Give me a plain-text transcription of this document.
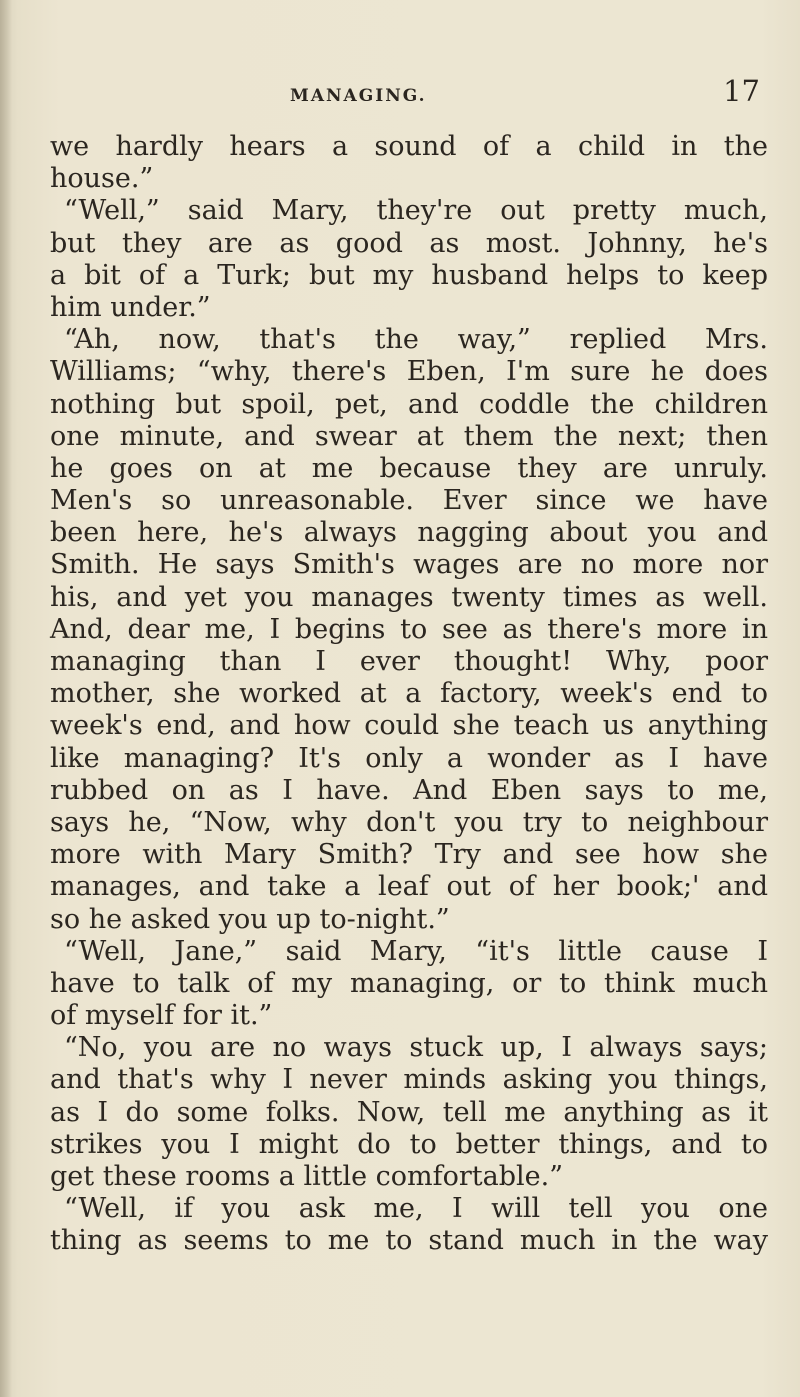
MANAGING.	17
we hardly hears a sound of a child in the
house.”
“Well,” said Mary, they're out pretty much,
but they are as good as most. Johnny, he's
a bit of a Turk; but my husband helps to keep
him under.”
“Ah, now, that's the way,” replied Mrs.
Williams; “why, there's Eben, I'm sure he does
nothing but spoil, pet, and coddle the children
one minute, and swear at them the next; then
he goes on at me because they are unruly.
Men's so unreasonable. Ever since we have
been here, he's always nagging about you and
Smith. He says Smith's wages are no more nor
his, and yet you manages twenty times as well.
And, dear me, I begins to see as there's more in
managing than I ever thought! Why, poor
mother, she worked at a factory, week's end to
week's end, and how could she teach us anything
like managing? It's only a wonder as I have
rubbed on as I have. And Eben says to me,
says he, “Now, why don't you try to neighbour
more with Mary Smith? Try and see how she
manages, and take a leaf out of her book;' and
so he asked you up to-night.”
“Well, Jane,” said Mary, “it's little cause I
have to talk of my managing, or to think much
of myself for it.”
“No, you are no ways stuck up, I always says;
and that's why I never minds asking you things,
as I do some folks. Now, tell me anything as it
strikes you I might do to better things, and to
get these rooms a little comfortable.”
“Well, if you ask me, I will tell you one
thing as seems to me to stand much in the way
